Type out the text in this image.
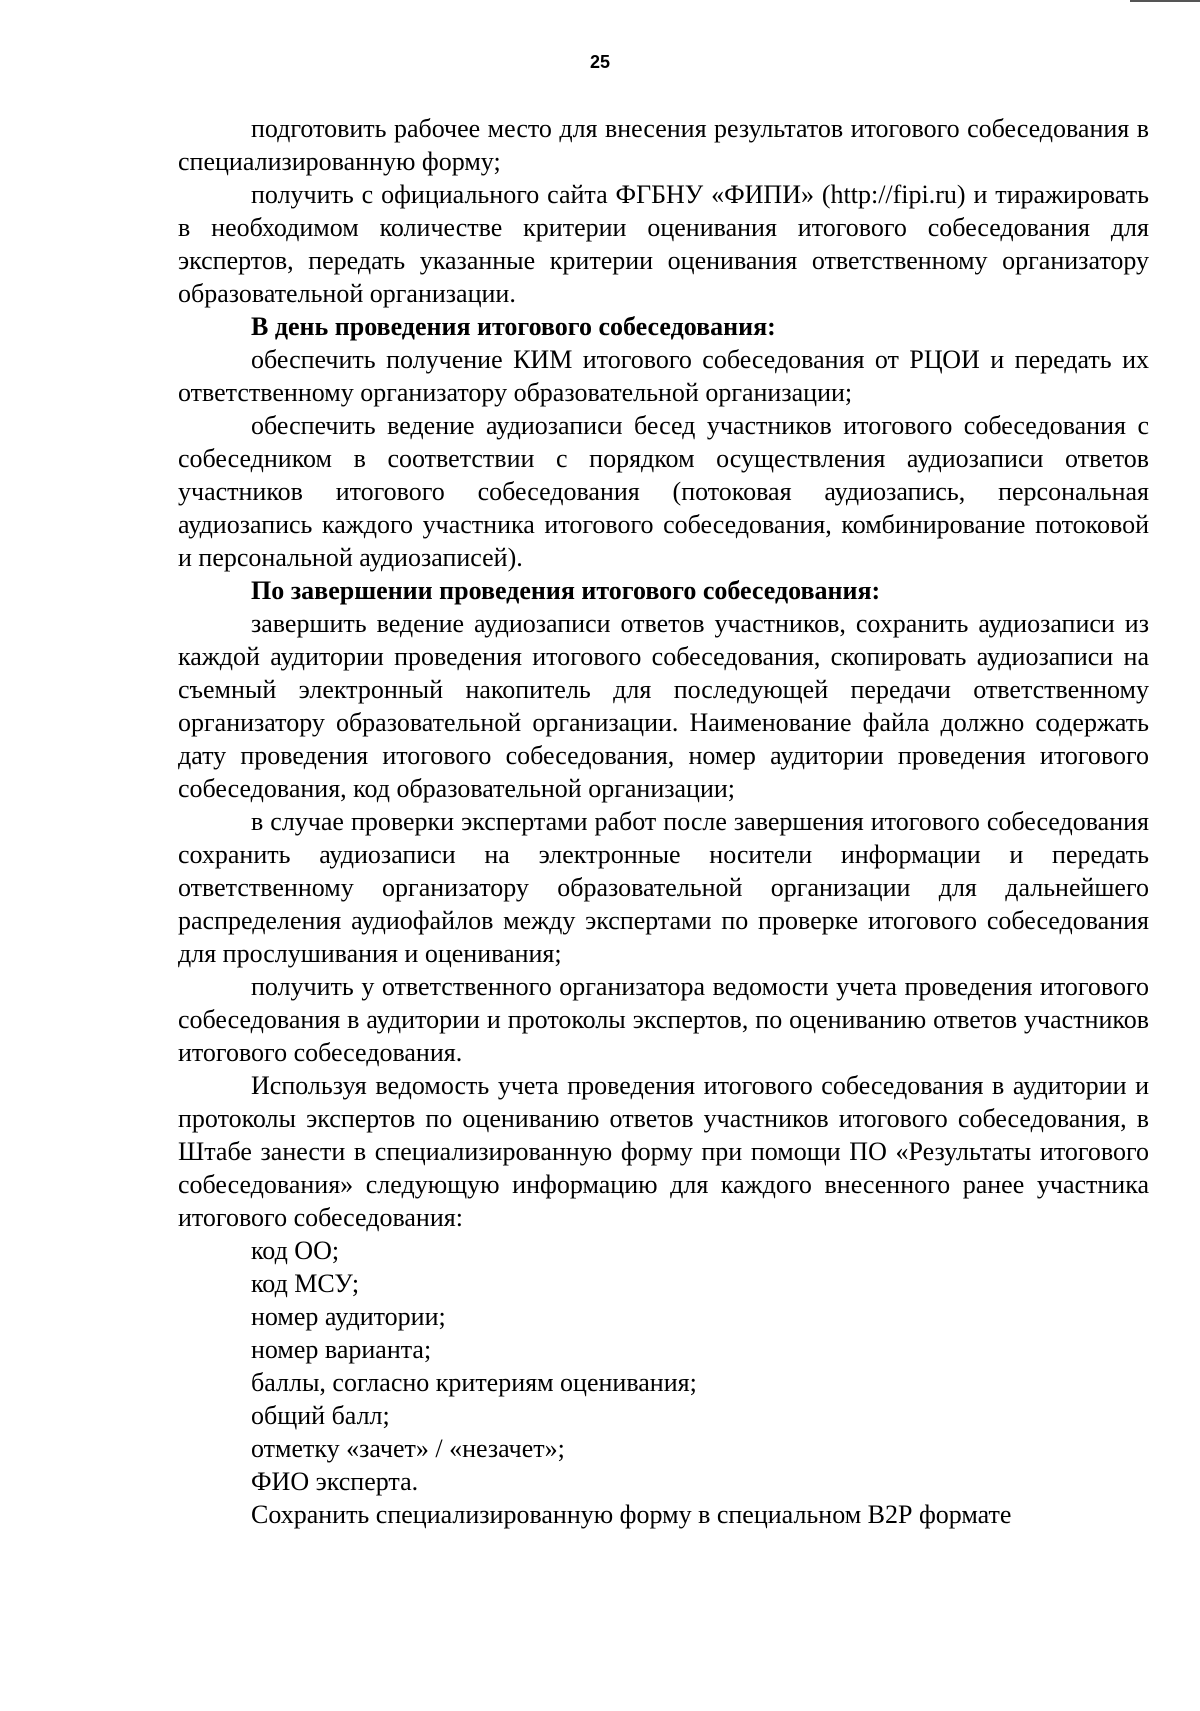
25

подготовить рабочее место для внесения результатов итогового собеседования в специализированную форму;

получить с официального сайта ФГБНУ «ФИПИ» (http://fipi.ru) и тиражировать в необходимом количестве критерии оценивания итогового собеседования для экспертов, передать указанные критерии оценивания ответственному организатору образовательной организации.

В день проведения итогового собеседования:

обеспечить получение КИМ итогового собеседования от РЦОИ и передать их ответственному организатору образовательной организации;

обеспечить ведение аудиозаписи бесед участников итогового собеседования с собеседником в соответствии с порядком осуществления аудиозаписи ответов участников итогового собеседования (потоковая аудиозапись, персональная аудиозапись каждого участника итогового собеседования, комбинирование потоковой и персональной аудиозаписей).

По завершении проведения итогового собеседования:

завершить ведение аудиозаписи ответов участников, сохранить аудиозаписи из каждой аудитории проведения итогового собеседования, скопировать аудиозаписи на съемный электронный накопитель для последующей передачи ответственному организатору образовательной организации. Наименование файла должно содержать дату проведения итогового собеседования, номер аудитории проведения итогового собеседования, код образовательной организации;

в случае проверки экспертами работ после завершения итогового собеседования сохранить аудиозаписи на электронные носители информации и передать ответственному организатору образовательной организации для дальнейшего распределения аудиофайлов между экспертами по проверке итогового собеседования для прослушивания и оценивания;

получить у ответственного организатора ведомости учета проведения итогового собеседования в аудитории и протоколы экспертов, по оцениванию ответов участников итогового собеседования.

Используя ведомость учета проведения итогового собеседования в аудитории и протоколы экспертов по оцениванию ответов участников итогового собеседования, в Штабе занести в специализированную форму при помощи ПО «Результаты итогового собеседования» следующую информацию для каждого внесенного ранее участника итогового собеседования:

код ОО;

код МСУ;

номер аудитории;

номер варианта;

баллы, согласно критериям оценивания;

общий балл;

отметку «зачет» / «незачет»;

ФИО эксперта.

Сохранить специализированную форму в специальном В2Р формате
